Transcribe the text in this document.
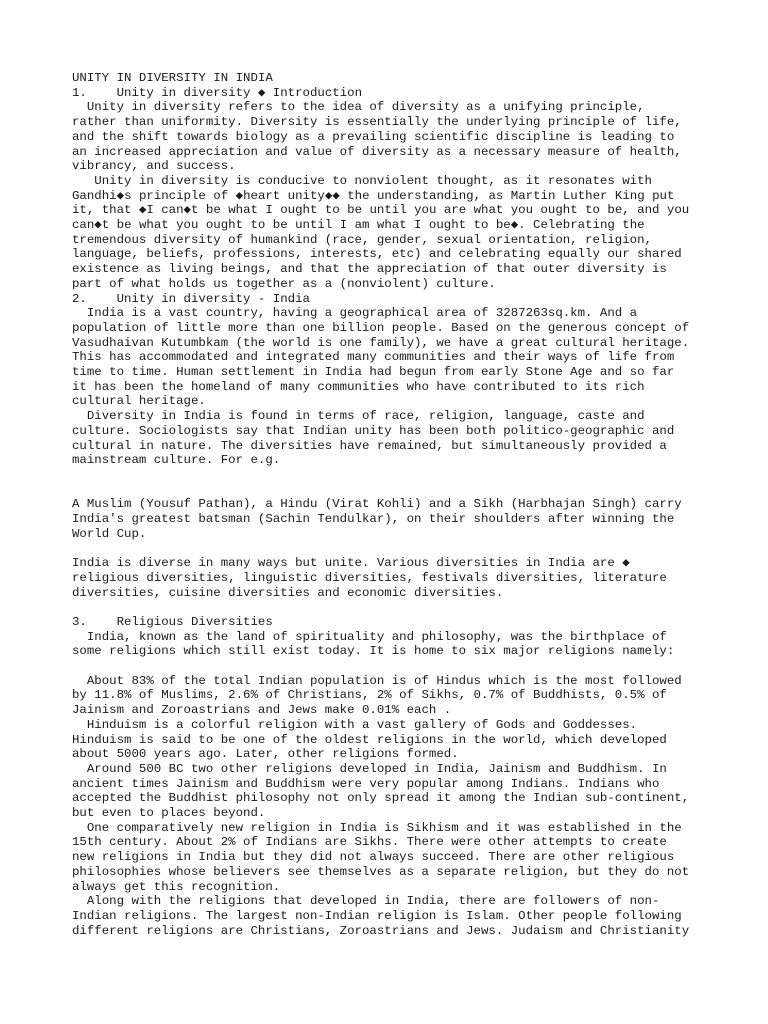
UNITY IN DIVERSITY IN INDIA
1.    Unity in diversity ◆ Introduction
Unity in diversity refers to the idea of diversity as a unifying principle,
rather than uniformity. Diversity is essentially the underlying principle of life,
and the shift towards biology as a prevailing scientific discipline is leading to
an increased appreciation and value of diversity as a necessary measure of health,
vibrancy, and success.
Unity in diversity is conducive to nonviolent thought, as it resonates with
Gandhi◆s principle of ◆heart unity◆◆ the understanding, as Martin Luther King put
it, that ◆I can◆t be what I ought to be until you are what you ought to be, and you
can◆t be what you ought to be until I am what I ought to be◆. Celebrating the
tremendous diversity of humankind (race, gender, sexual orientation, religion,
language, beliefs, professions, interests, etc) and celebrating equally our shared
existence as living beings, and that the appreciation of that outer diversity is
part of what holds us together as a (nonviolent) culture.
2.    Unity in diversity - India
India is a vast country, having a geographical area of 3287263sq.km. And a
population of little more than one billion people. Based on the generous concept of
Vasudhaivan Kutumbkam (the world is one family), we have a great cultural heritage.
This has accommodated and integrated many communities and their ways of life from
time to time. Human settlement in India had begun from early Stone Age and so far
it has been the homeland of many communities who have contributed to its rich
cultural heritage.
Diversity in India is found in terms of race, religion, language, caste and
culture. Sociologists say that Indian unity has been both politico-geographic and
cultural in nature. The diversities have remained, but simultaneously provided a
mainstream culture. For e.g.
A Muslim (Yousuf Pathan), a Hindu (Virat Kohli) and a Sikh (Harbhajan Singh) carry
India's greatest batsman (Sachin Tendulkar), on their shoulders after winning the
World Cup.
India is diverse in many ways but unite. Various diversities in India are ◆
religious diversities, linguistic diversities, festivals diversities, literature
diversities, cuisine diversities and economic diversities.
3.    Religious Diversities
India, known as the land of spirituality and philosophy, was the birthplace of
some religions which still exist today. It is home to six major religions namely:
About 83% of the total Indian population is of Hindus which is the most followed
by 11.8% of Muslims, 2.6% of Christians, 2% of Sikhs, 0.7% of Buddhists, 0.5% of
Jainism and Zoroastrians and Jews make 0.01% each .
Hinduism is a colorful religion with a vast gallery of Gods and Goddesses.
Hinduism is said to be one of the oldest religions in the world, which developed
about 5000 years ago. Later, other religions formed.
Around 500 BC two other religions developed in India, Jainism and Buddhism. In
ancient times Jainism and Buddhism were very popular among Indians. Indians who
accepted the Buddhist philosophy not only spread it among the Indian sub-continent,
but even to places beyond.
One comparatively new religion in India is Sikhism and it was established in the
15th century. About 2% of Indians are Sikhs. There were other attempts to create
new religions in India but they did not always succeed. There are other religious
philosophies whose believers see themselves as a separate religion, but they do not
always get this recognition.
Along with the religions that developed in India, there are followers of non-
Indian religions. The largest non-Indian religion is Islam. Other people following
different religions are Christians, Zoroastrians and Jews. Judaism and Christianity
